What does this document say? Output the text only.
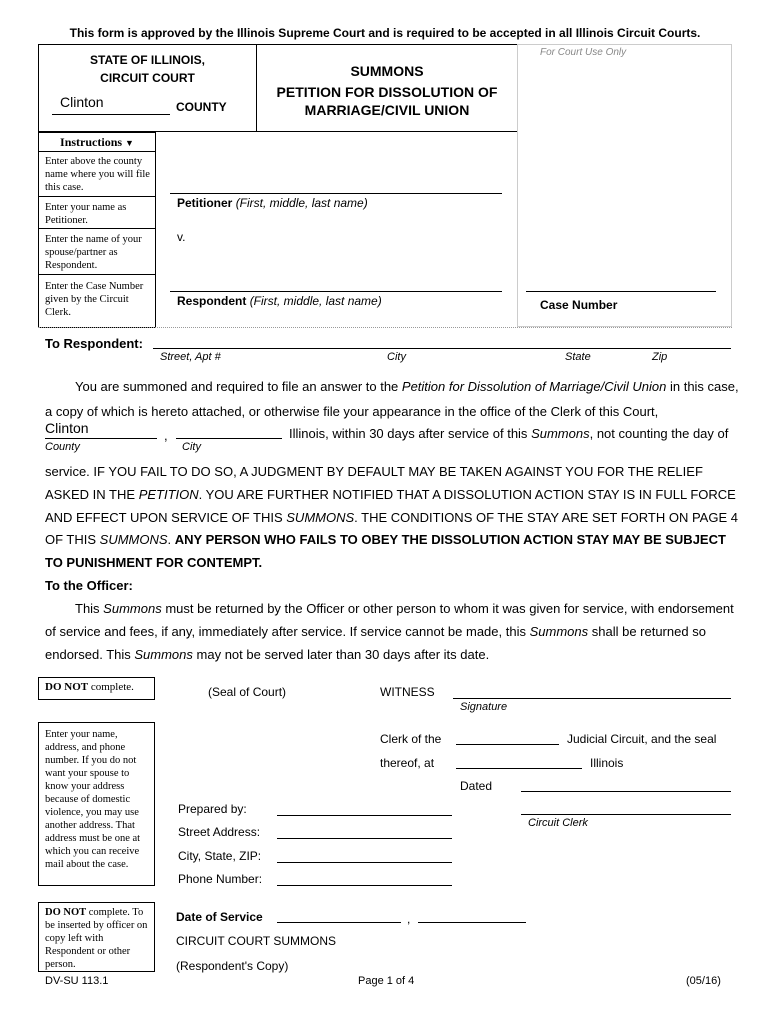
This form is approved by the Illinois Supreme Court and is required to be accepted in all Illinois Circuit Courts.
STATE OF ILLINOIS,
CIRCUIT COURT
Clinton	COUNTY
SUMMONS
PETITION FOR DISSOLUTION OF
MARRIAGE/CIVIL UNION
For Court Use Only
Instructions ▼
Enter above the county name where you will file this case.
Enter your name as Petitioner.
Enter the name of your spouse/partner as Respondent.
Enter the Case Number given by the Circuit Clerk.
Petitioner (First, middle, last name)
v.
Respondent (First, middle, last name)	Case Number
To Respondent:
Street, Apt #	City	State	Zip
You are summoned and required to file an answer to the Petition for Dissolution of Marriage/Civil Union in this case,
a copy of which is hereto attached, or otherwise file your appearance in the office of the Clerk of this Court,
Clinton	,	Illinois, within 30 days after service of this Summons, not counting the day of
County	City
service. IF YOU FAIL TO DO SO, A JUDGMENT BY DEFAULT MAY BE TAKEN AGAINST YOU FOR THE RELIEF
ASKED IN THE PETITION. YOU ARE FURTHER NOTIFIED THAT A DISSOLUTION ACTION STAY IS IN FULL FORCE
AND EFFECT UPON SERVICE OF THIS SUMMONS. THE CONDITIONS OF THE STAY ARE SET FORTH ON PAGE 4
OF THIS SUMMONS. ANY PERSON WHO FAILS TO OBEY THE DISSOLUTION ACTION STAY MAY BE SUBJECT
TO PUNISHMENT FOR CONTEMPT.
To the Officer:
This Summons must be returned by the Officer or other person to whom it was given for service, with endorsement
of service and fees, if any, immediately after service. If service cannot be made, this Summons shall be returned so
endorsed. This Summons may not be served later than 30 days after its date.
DO NOT complete.	(Seal of Court)	WITNESS
Signature
Clerk of the	Judicial Circuit, and the seal
thereof, at	Illinois
Dated
Circuit Clerk
Enter your name, address, and phone number. If you do not want your spouse to know your address because of domestic violence, you may use another address. That address must be one at which you can receive mail about the case.
Prepared by:
Street Address:
City, State, ZIP:
Phone Number:
DO NOT complete. To be inserted by officer on copy left with Respondent or other person.
Date of Service	,
CIRCUIT COURT SUMMONS
(Respondent's Copy)
DV-SU 113.1	Page 1 of 4	(05/16)
